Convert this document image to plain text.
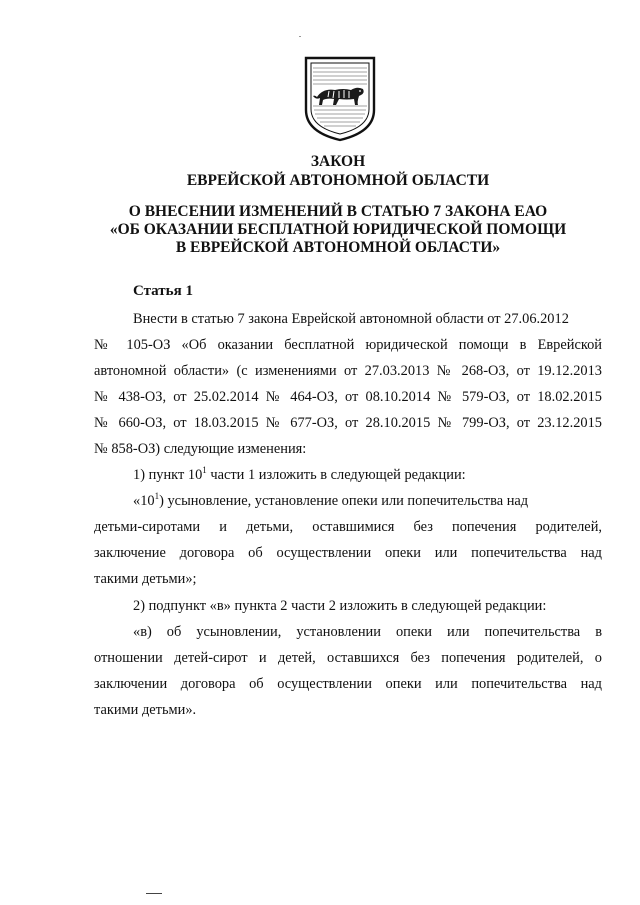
ЗАКОН
ЕВРЕЙСКОЙ АВТОНОМНОЙ ОБЛАСТИ
О ВНЕСЕНИИ ИЗМЕНЕНИЙ В СТАТЬЮ 7 ЗАКОНА ЕАО
«ОБ ОКАЗАНИИ БЕСПЛАТНОЙ ЮРИДИЧЕСКОЙ ПОМОЩИ
В ЕВРЕЙСКОЙ АВТОНОМНОЙ ОБЛАСТИ»
Статья 1
Внести в статью 7 закона Еврейской автономной области от 27.06.2012
№ 105-ОЗ «Об оказании бесплатной юридической помощи в Еврейской
автономной области» (с изменениями от 27.03.2013 № 268-ОЗ, от 19.12.2013
№ 438-ОЗ, от 25.02.2014 № 464-ОЗ, от 08.10.2014 № 579-ОЗ, от 18.02.2015
№ 660-ОЗ, от 18.03.2015 № 677-ОЗ, от 28.10.2015 № 799-ОЗ, от 23.12.2015
№ 858-ОЗ) следующие изменения:
1) пункт $10^1$ части 1 изложить в следующей редакции:
«$10^1$) усыновление, установление опеки или попечительства над
детьми-сиротами и детьми, оставшимися без попечения родителей,
заключение договора об осуществлении опеки или попечительства над
такими детьми»;
2) подпункт «в» пункта 2 части 2 изложить в следующей редакции:
«в) об усыновлении, установлении опеки или попечительства в
отношении детей-сирот и детей, оставшихся без попечения родителей, о
заключении договора об осуществлении опеки или попечительства над
такими детьми».
